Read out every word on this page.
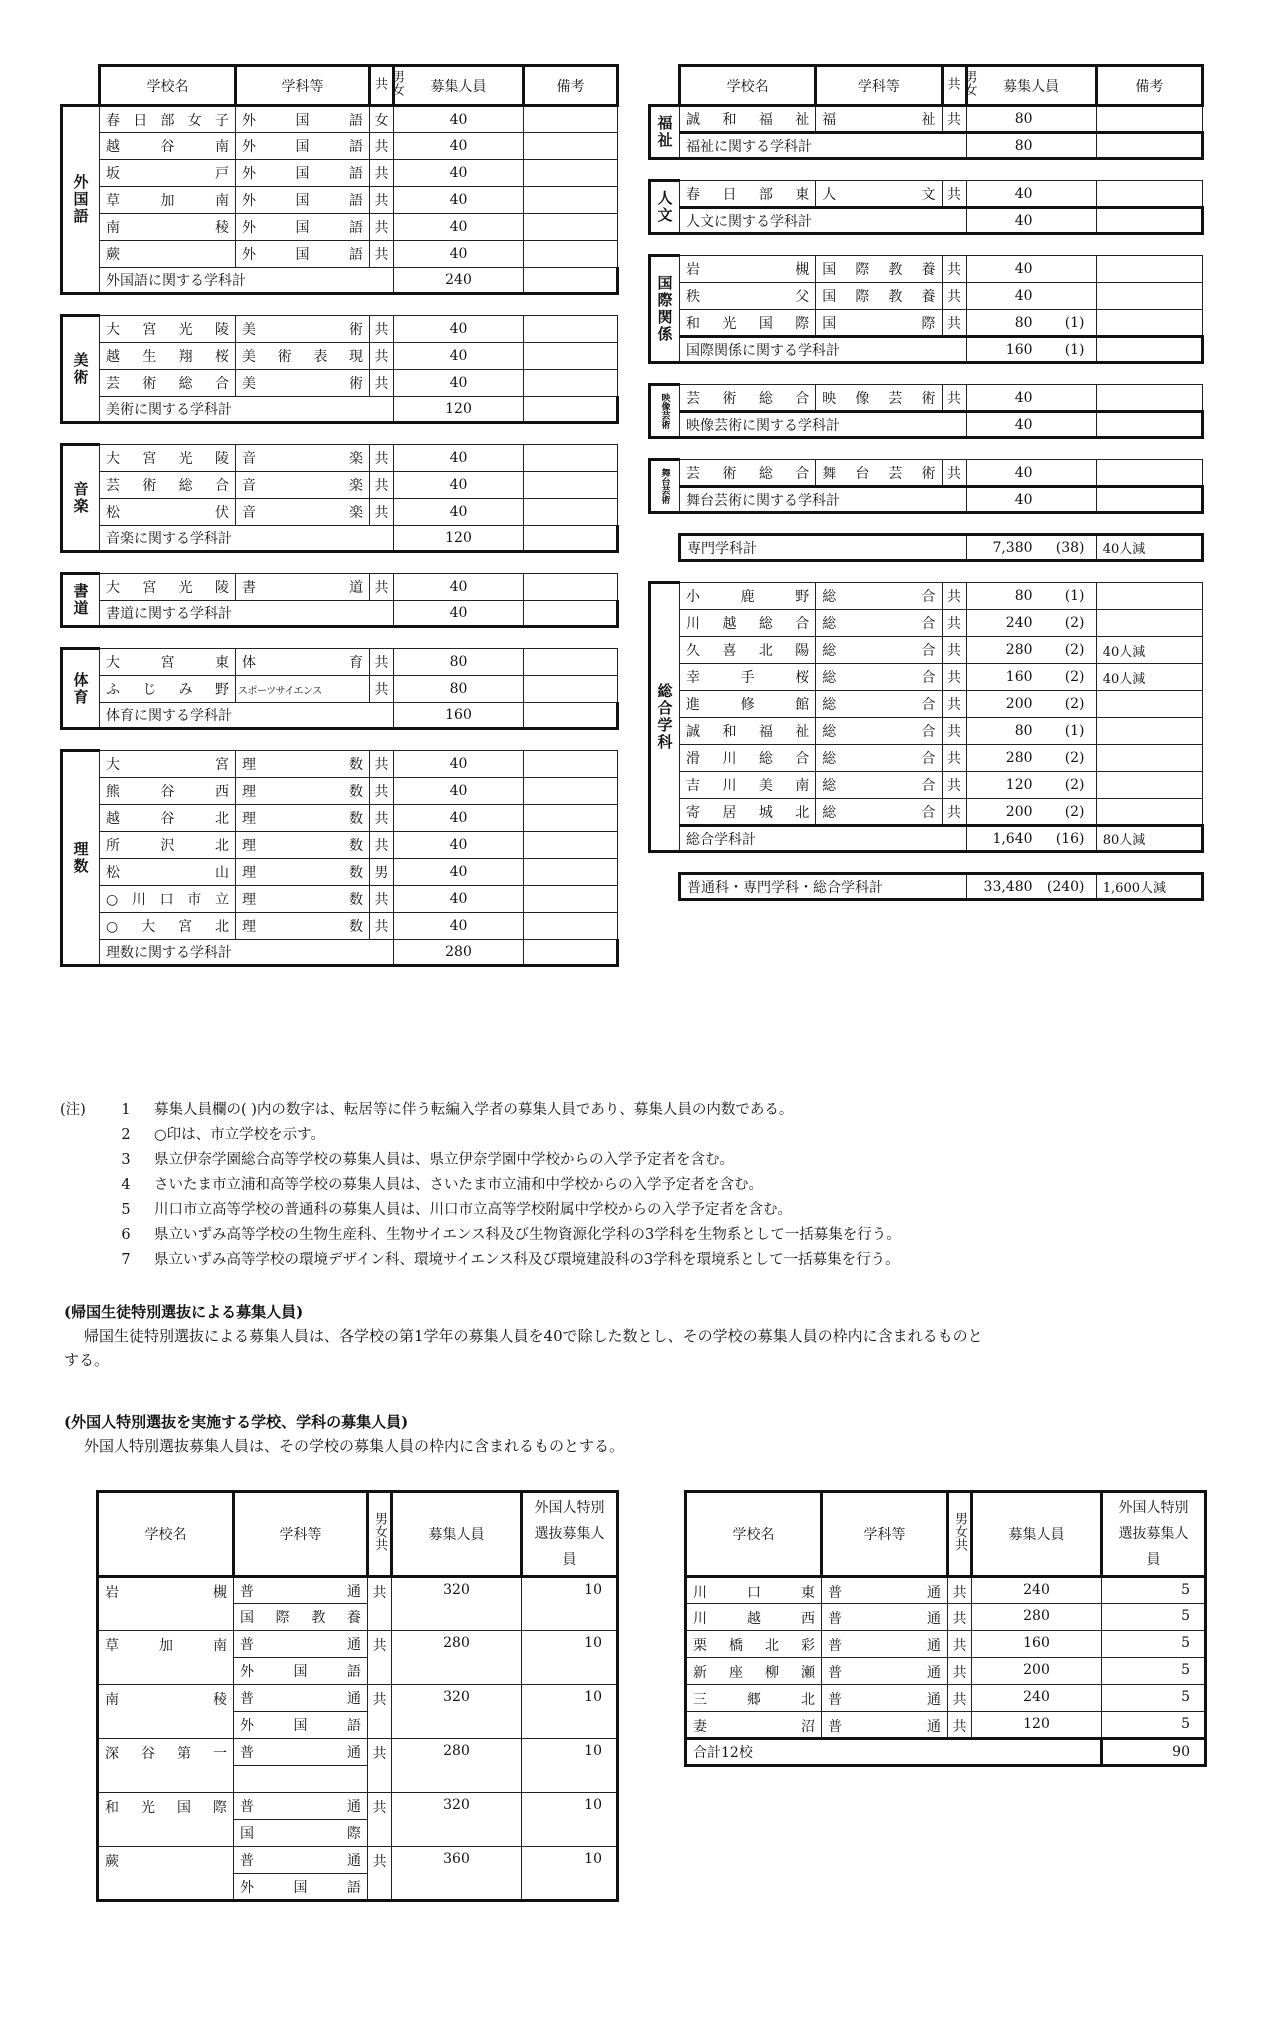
	学校名	学科等	男女共	募集人員	備考
外国語	春日部女子	外国語	女	40	
	越谷南	外国語	共	40	
	坂戸	外国語	共	40	
	草加南	外国語	共	40	
	南稜	外国語	共	40	
	蕨	外国語	共	40	
	外国語に関する学科計			240	

美術	大宮光陵	美術	共	40	
	越生翔桜	美術表現	共	40	
	芸術総合	美術	共	40	
	美術に関する学科計			120	

音楽	大宮光陵	音楽	共	40	
	芸術総合	音楽	共	40	
	松伏	音楽	共	40	
	音楽に関する学科計			120	

書道	大宮光陵	書道	共	40	
	書道に関する学科計			40	

体育	大宮東	体育	共	80	
	ふじみ野	スポーツサイエンス	共	80	
	体育に関する学科計			160	

理数	大宮	理数	共	40	
	熊谷西	理数	共	40	
	越谷北	理数	共	40	
	所沢北	理数	共	40	
	松山	理数	男	40	
	○川口市立	理数	共	40	
	○大宮北	理数	共	40	
	理数に関する学科計			280	
	学校名	学科等	男女共	募集人員	備考
福祉	誠和福祉	福祉	共	80	
	福祉に関する学科計			80	

人文	春日部東	人文	共	40	
	人文に関する学科計			40	

国際関係	岩槻	国際教養	共	40	
	秩父	国際教養	共	40	
	和光国際	国際	共	80 (1)	
	国際関係に関する学科計			160 (1)	

映像芸術	芸術総合	映像芸術	共	40	
	映像芸術に関する学科計			40	

舞台芸術	芸術総合	舞台芸術	共	40	
	舞台芸術に関する学科計			40	

	専門学科計			7,380 (38)	40人減

総合学科	小鹿野	総合	共	80 (1)	
	川越総合	総合	共	240 (2)	
	久喜北陽	総合	共	280 (2)	40人減
	幸手桜	総合	共	160 (2)	40人減
	進修館	総合	共	200 (2)	
	誠和福祉	総合	共	80 (1)	
	滑川総合	総合	共	280 (2)	
	吉川美南	総合	共	120 (2)	
	寄居城北	総合	共	200 (2)	
	総合学科計			1,640 (16)	80人減

	普通科・専門学科・総合学科計			33,480 (240)	1,600人減
(注)	1	募集人員欄の( )内の数字は、転居等に伴う転編入学者の募集人員であり、募集人員の内数である。
2	○印は、市立学校を示す。
3	県立伊奈学園総合高等学校の募集人員は、県立伊奈学園中学校からの入学予定者を含む。
4	さいたま市立浦和高等学校の募集人員は、さいたま市立浦和中学校からの入学予定者を含む。
5	川口市立高等学校の普通科の募集人員は、川口市立高等学校附属中学校からの入学予定者を含む。
6	県立いずみ高等学校の生物生産科、生物サイエンス科及び生物資源化学科の3学科を生物系として一括募集を行う。
7	県立いずみ高等学校の環境デザイン科、環境サイエンス科及び環境建設科の3学科を環境系として一括募集を行う。
(帰国生徒特別選抜による募集人員)
帰国生徒特別選抜による募集人員は、各学校の第1学年の募集人員を40で除した数とし、その学校の募集人員の枠内に含まれるものと
する。
(外国人特別選抜を実施する学校、学科の募集人員)
外国人特別選抜募集人員は、その学校の募集人員の枠内に含まれるものとする。
学校名	学科等	男女共	募集人員	外国人特別選抜募集人員
岩槻	普通	共	320	10
	国際教養			
草加南	普通	共	280	10
	外国語			
南稜	普通	共	320	10
	外国語			
深谷第一	普通	共	280	10

和光国際	普通	共	320	10
	国際			
蕨	普通	共	360	10
	外国語			
学校名	学科等	男女共	募集人員	外国人特別選抜募集人員
川口東	普通	共	240	5

川越西	普通	共	280	5

栗橋北彩	普通	共	160	5

新座柳瀬	普通	共	200	5

三郷北	普通	共	240	5

妻沼	普通	共	120	5

合計12校				90
